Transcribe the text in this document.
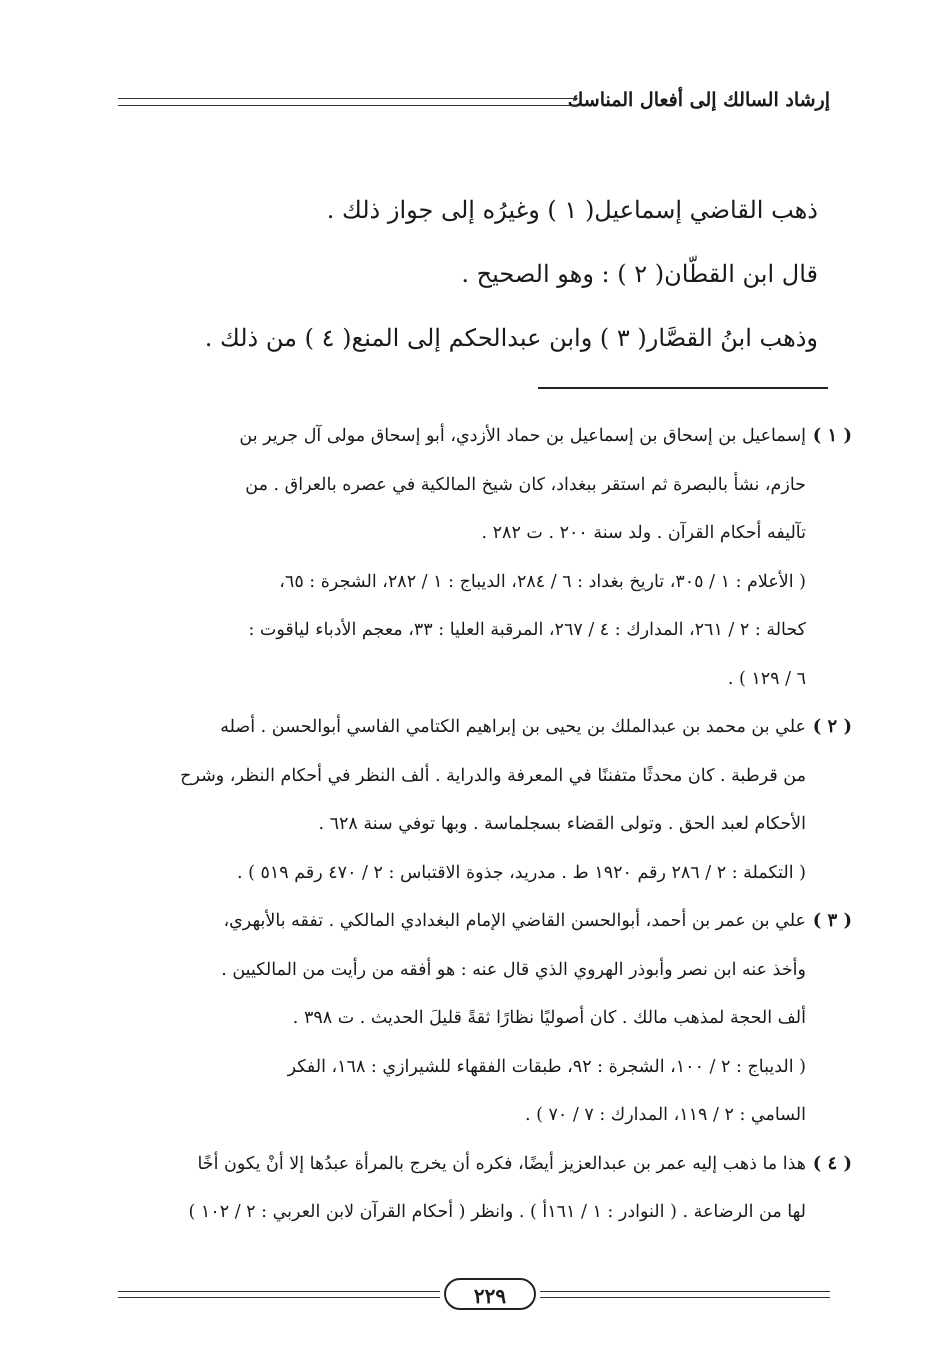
إرشاد السالك إلى أفعال المناسك
ذهب القاضي إسماعيل( ١ ) وغيرُه إلى جواز ذلك .
قال ابن القطّان( ٢ ) : وهو الصحيح .
وذهب ابنُ القصَّار( ٣ ) وابن عبدالحكم إلى المنع( ٤ ) من ذلك .
( ١ )
إسماعيل بن إسحاق بن إسماعيل بن حماد الأزدي، أبو إسحاق مولى آل جرير بن
حازم، نشأ بالبصرة ثم استقر ببغداد، كان شيخ المالكية في عصره بالعراق . من
تآليفه أحكام القرآن . ولد سنة ٢٠٠ . ت ٢٨٢ .
( الأعلام : ١ / ٣٠٥، تاريخ بغداد : ٦ / ٢٨٤، الديباج : ١ / ٢٨٢، الشجرة : ٦٥،
كحالة : ٢ / ٢٦١، المدارك : ٤ / ٢٦٧، المرقبة العليا : ٣٣، معجم الأدباء لياقوت :
٦ / ١٢٩ ) .
( ٢ )
علي بن محمد بن عبدالملك بن يحيى بن إبراهيم الكتامي الفاسي أبوالحسن . أصله
من قرطبة . كان محدثًا متفننًا في المعرفة والدراية . ألف النظر في أحكام النظر، وشرح
الأحكام لعبد الحق . وتولى القضاء بسجلماسة . وبها توفي سنة ٦٢٨ .
( التكملة : ٢ / ٢٨٦ رقم ١٩٢٠ ط . مدريد، جذوة الاقتباس : ٢ / ٤٧٠ رقم ٥١٩ ) .
( ٣ )
علي بن عمر بن أحمد، أبوالحسن القاضي الإمام البغدادي المالكي . تفقه بالأبهري،
وأخذ عنه ابن نصر وأبوذر الهروي الذي قال عنه : هو أفقه من رأيت من المالكيين .
ألف الحجة لمذهب مالك . كان أصوليًا نظارًا ثقةً قليلَ الحديث . ت ٣٩٨ .
( الديباج : ٢ / ١٠٠، الشجرة : ٩٢، طبقات الفقهاء للشيرازي : ١٦٨، الفكر
السامي : ٢ / ١١٩، المدارك : ٧ / ٧٠ ) .
( ٤ )
هذا ما ذهب إليه عمر بن عبدالعزيز أيضًا، فكره أن يخرج بالمرأة عبدُها إلا أنْ يكون أخًا
لها من الرضاعة . ( النوادر : ١ / ١٦١أ ) . وانظر ( أحكام القرآن لابن العربي : ٢ / ١٠٢ )
٢٢٩
